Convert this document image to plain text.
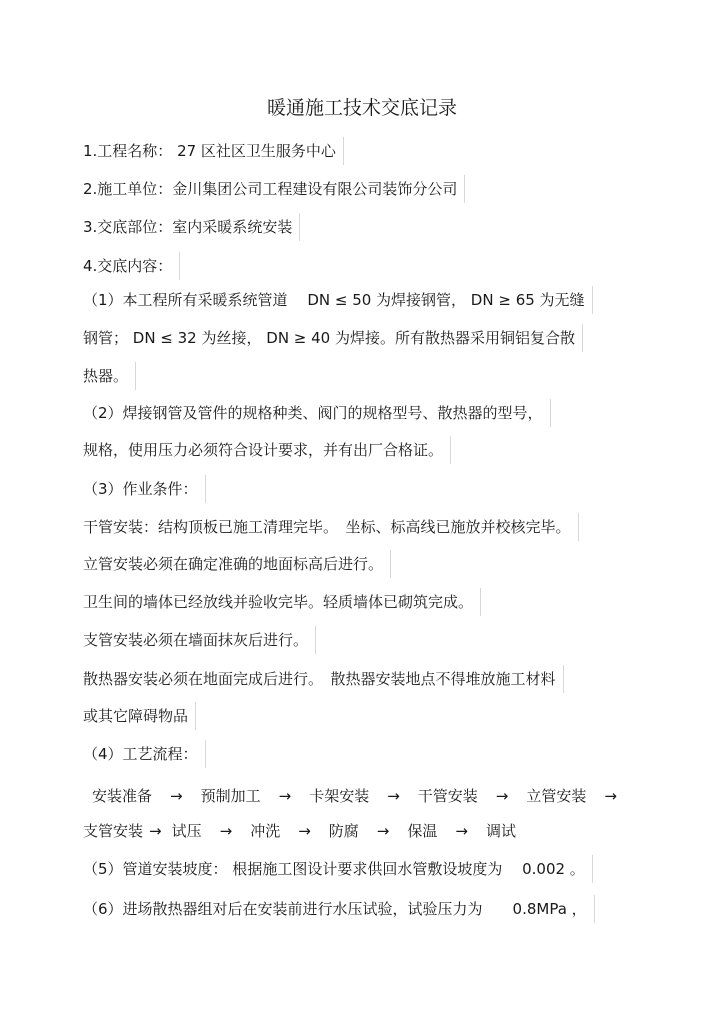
暖通施工技术交底记录
1.工程名称： 27 区社区卫生服务中心
2.施工单位：金川集团公司工程建设有限公司装饰分公司
3.交底部位：室内采暖系统安装
4.交底内容：
（1）本工程所有采暖系统管道　 DN ≤ 50 为焊接钢管， DN ≥ 65 为无缝
钢管； DN ≤ 32 为丝接， DN ≥ 40 为焊接。所有散热器采用铜铝复合散
热器。
（2）焊接钢管及管件的规格种类、阀门的规格型号、散热器的型号，
规格，使用压力必须符合设计要求，并有出厂合格证。
（3）作业条件：
干管安装：结构顶板已施工清理完毕。　坐标、标高线已施放并校核完毕。
立管安装必须在确定准确的地面标高后进行。
卫生间的墙体已经放线并验收完毕。轻质墙体已砌筑完成。
支管安装必须在墙面抹灰后进行。
散热器安装必须在地面完成后进行。　散热器安装地点不得堆放施工材料
或其它障碍物品
（4）工艺流程：
安装准备 → 预制加工 → 卡架安装 → 干管安装 → 立管安装 →
支管安装 → 试压 → 冲洗 → 防腐 → 保温 → 调试
（5）管道安装坡度： 根据施工图设计要求供回水管敷设坡度为　 0.002 。
（6）进场散热器组对后在安装前进行水压试验，试验压力为　　0.8MPa ，
